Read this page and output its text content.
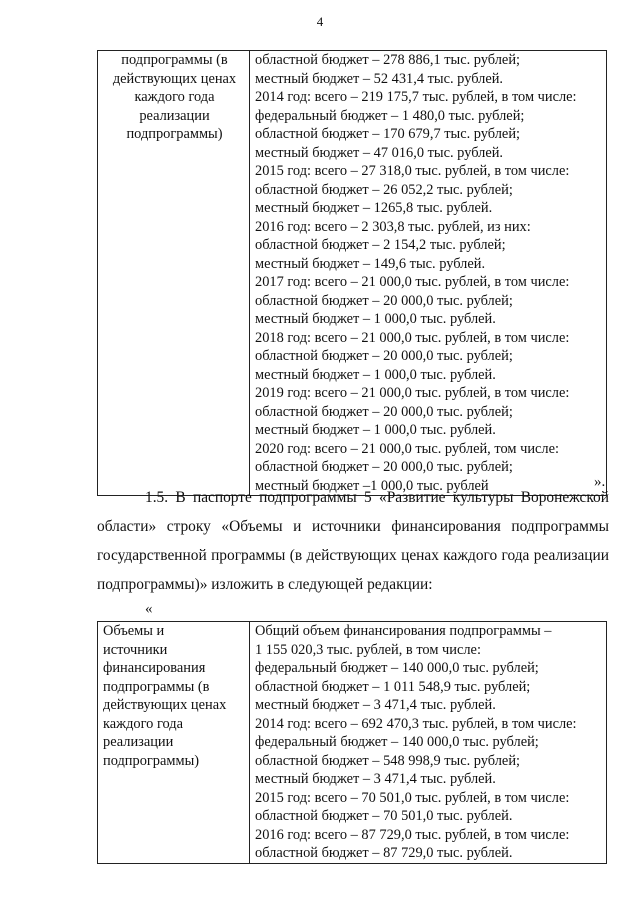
4
подпрограммы (в
действующих ценах
каждого года
реализации
подпрограммы)

областной бюджет – 278 886,1 тыс. рублей;
местный бюджет – 52 431,4 тыс. рублей.
2014 год: всего – 219 175,7 тыс. рублей, в том числе:
федеральный бюджет – 1 480,0 тыс. рублей;
областной бюджет – 170 679,7 тыс. рублей;
местный бюджет – 47 016,0 тыс. рублей.
2015 год: всего – 27 318,0 тыс. рублей, в том числе:
областной бюджет – 26 052,2 тыс. рублей;
местный бюджет – 1265,8 тыс. рублей.
2016 год: всего – 2 303,8 тыс. рублей, из них:
областной бюджет – 2 154,2 тыс. рублей;
местный бюджет – 149,6 тыс. рублей.
2017 год: всего – 21 000,0 тыс. рублей, в том числе:
областной бюджет – 20 000,0 тыс. рублей;
местный бюджет – 1 000,0 тыс. рублей.
2018 год: всего – 21 000,0 тыс. рублей, в том числе:
областной бюджет – 20 000,0 тыс. рублей;
местный бюджет – 1 000,0 тыс. рублей.
2019 год: всего – 21 000,0 тыс. рублей, в том числе:
областной бюджет – 20 000,0 тыс. рублей;
местный бюджет – 1 000,0 тыс. рублей.
2020 год: всего – 21 000,0 тыс. рублей, том числе:
областной бюджет – 20 000,0 тыс. рублей;
местный бюджет –1 000,0 тыс. рублей	».
1.5. В паспорте подпрограммы 5 «Развитие культуры Воронежской
области» строку «Объемы и источники финансирования подпрограммы
государственной программы (в действующих ценах каждого года реализации
подпрограммы)» изложить в следующей редакции:
«
Объемы и
источники
финансирования
подпрограммы (в
действующих ценах
каждого года
реализации
подпрограммы)

Общий объем финансирования подпрограммы –
1 155 020,3 тыс. рублей, в том числе:
федеральный бюджет – 140 000,0 тыс. рублей;
областной бюджет – 1 011 548,9 тыс. рублей;
местный бюджет – 3 471,4 тыс. рублей.
2014 год: всего – 692 470,3 тыс. рублей, в том числе:
федеральный бюджет – 140 000,0 тыс. рублей;
областной бюджет – 548 998,9 тыс. рублей;
местный бюджет – 3 471,4 тыс. рублей.
2015 год: всего – 70 501,0 тыс. рублей, в том числе:
областной бюджет – 70 501,0 тыс. рублей.
2016 год: всего – 87 729,0 тыс. рублей, в том числе:
областной бюджет – 87 729,0 тыс. рублей.
